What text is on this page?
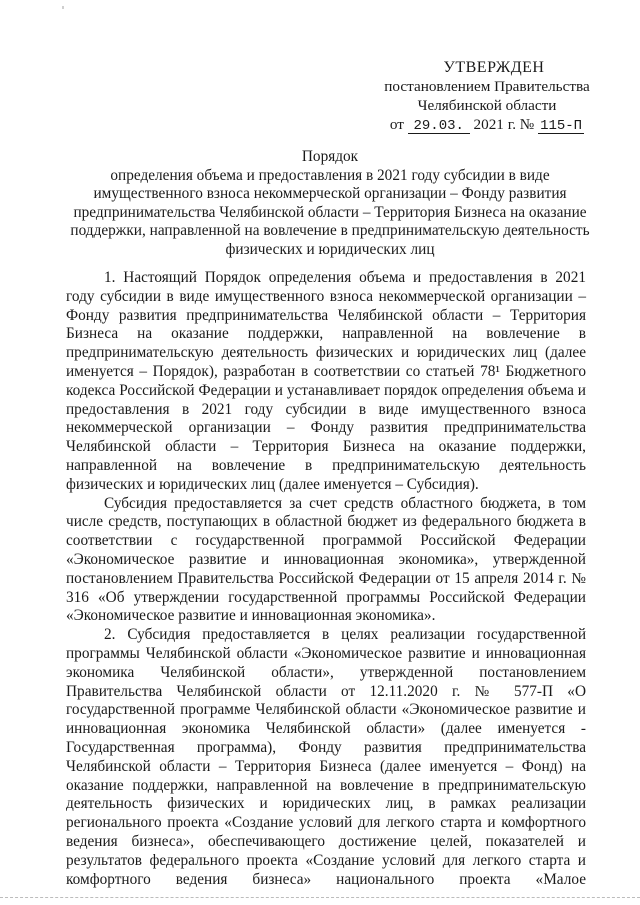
УТВЕРЖДЕН
постановлением Правительства
Челябинской области
от 29.03. 2021 г. № 115-П
Порядок
определения объема и предоставления в 2021 году субсидии в виде
имущественного взноса некоммерческой организации – Фонду развития
предпринимательства Челябинской области – Территория Бизнеса на оказание
поддержки, направленной на вовлечение в предпринимательскую деятельность
физических и юридических лиц

1. Настоящий Порядок определения объема и предоставления в 2021 году субсидии в виде имущественного взноса некоммерческой организации – Фонду развития предпринимательства Челябинской области – Территория Бизнеса на оказание поддержки, направленной на вовлечение в предпринимательскую деятельность физических и юридических лиц (далее именуется – Порядок), разработан в соответствии со статьей 78¹ Бюджетного кодекса Российской Федерации и устанавливает порядок определения объема и предоставления в 2021 году субсидии в виде имущественного взноса некоммерческой организации – Фонду развития предпринимательства Челябинской области – Территория Бизнеса на оказание поддержки, направленной на вовлечение в предпринимательскую деятельность физических и юридических лиц (далее именуется – Субсидия).

Субсидия предоставляется за счет средств областного бюджета, в том числе средств, поступающих в областной бюджет из федерального бюджета в соответствии с государственной программой Российской Федерации «Экономическое развитие и инновационная экономика», утвержденной постановлением Правительства Российской Федерации от 15 апреля 2014 г. № 316 «Об утверждении государственной программы Российской Федерации «Экономическое развитие и инновационная экономика».

2. Субсидия предоставляется в целях реализации государственной программы Челябинской области «Экономическое развитие и инновационная экономика Челябинской области», утвержденной постановлением Правительства Челябинской области от 12.11.2020 г. № 577-П «О государственной программе Челябинской области «Экономическое развитие и инновационная экономика Челябинской области» (далее именуется - Государственная программа), Фонду развития предпринимательства Челябинской области – Территория Бизнеса (далее именуется – Фонд) на оказание поддержки, направленной на вовлечение в предпринимательскую деятельность физических и юридических лиц, в рамках реализации регионального проекта «Создание условий для легкого старта и комфортного ведения бизнеса», обеспечивающего достижение целей, показателей и результатов федерального проекта «Создание условий для легкого старта и комфортного ведения бизнеса» национального проекта «Малое
